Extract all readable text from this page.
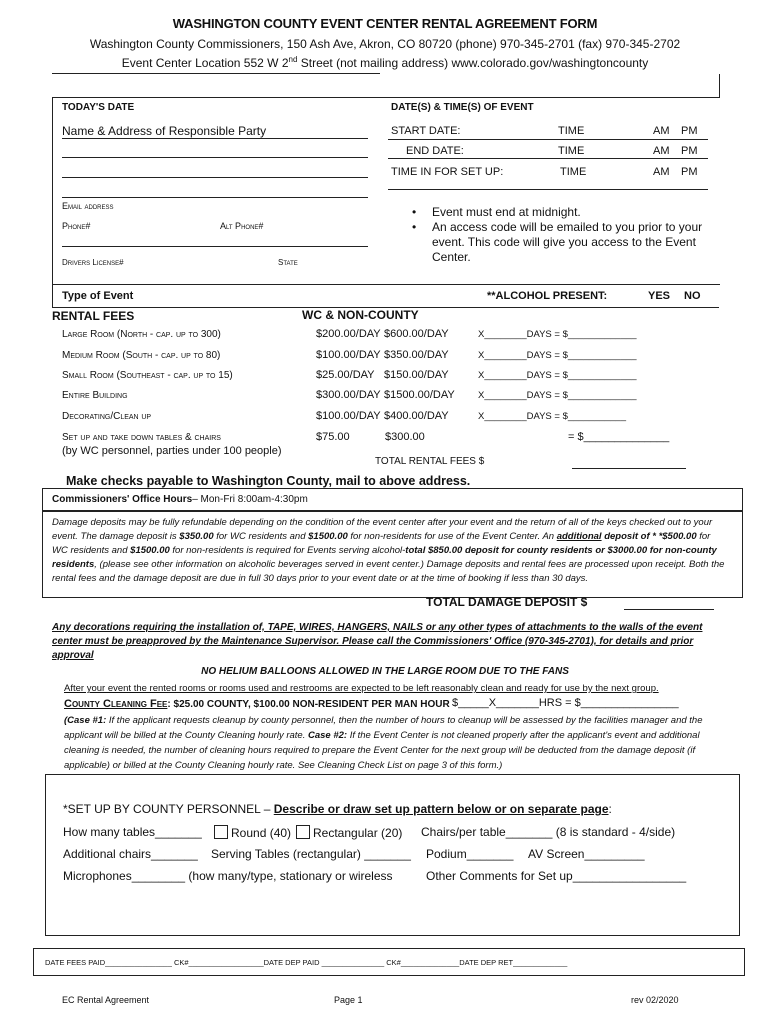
WASHINGTON COUNTY EVENT CENTER RENTAL AGREEMENT FORM
Washington County Commissioners, 150 Ash Ave, Akron, CO 80720 (phone) 970-345-2701 (fax) 970-345-2702
Event Center Location 552 W 2nd Street (not mailing address) www.colorado.gov/washingtoncounty
TODAY'S DATE	DATE(S) & TIME(S) OF EVENT
Name & Address of Responsible Party
Email address
Phone#	Alt Phone#
Drivers License#	State
START DATE:	TIME	AM PM
END DATE:	TIME	AM PM
TIME IN FOR SET UP:	TIME	AM PM
• Event must end at midnight.
• An access code will be emailed to you prior to your event. This code will give you access to the Event Center.
Type of Event	**ALCOHOL PRESENT:	YES NO
RENTAL FEES	WC & NON-COUNTY
Large Room (North - cap. up to 300)	$200.00/DAY $600.00/DAY	X________DAYS = $_____________
Medium Room (South - cap. up to 80)	$100.00/DAY $350.00/DAY	X________DAYS = $_____________
Small Room (Southeast - cap. up to 15)	$25.00/DAY $150.00/DAY	X________DAYS = $_____________
Entire Building	$300.00/DAY $1500.00/DAY X________DAYS = $_____________
Decorating/Clean up	$100.00/DAY $400.00/DAY	X________DAYS = $___________
Set up and take down tables & chairs
(by WC personnel, parties under 100 people)
$75.00	$300.00	= $______________
TOTAL RENTAL FEES $
Make checks payable to Washington County, mail to above address.
Commissioners' Office Hours– Mon-Fri 8:00am-4:30pm
Damage deposits may be fully refundable depending on the condition of the event center after your event and the return of all of the keys checked out to your event. The damage deposit is $350.00 for WC residents and $1500.00 for non-residents for use of the Event Center. An additional deposit of * *$500.00 for WC residents and $1500.00 for non-residents is required for Events serving alcohol-total $850.00 deposit for county residents or $3000.00 for non-county residents, (please see other information on alcoholic beverages served in event center.) Damage deposits and rental fees are processed upon receipt. Both the rental fees and the damage deposit are due in full 30 days prior to your event date or at the time of booking if less than 30 days.
TOTAL DAMAGE DEPOSIT $
Any decorations requiring the installation of, TAPE, WIRES, HANGERS, NAILS or any other types of attachments to the walls of the event center must be preapproved by the Maintenance Supervisor. Please call the Commissioners' Office (970-345-2701), for details and prior approval
NO HELIUM BALLOONS ALLOWED IN THE LARGE ROOM DUE TO THE FANS
After your event the rented rooms or rooms used and restrooms are expected to be left reasonably clean and ready for use by the next group.
County Cleaning Fee: $25.00 COUNTY, $100.00 NON-RESIDENT PER MAN HOUR $_____X_______HRS = $________________
(Case #1: If the applicant requests cleanup by county personnel, then the number of hours to cleanup will be assessed by the facilities manager and the applicant will be billed at the County Cleaning hourly rate. Case #2: If the Event Center is not cleaned properly after the applicant's event and additional cleaning is needed, the number of cleaning hours required to prepare the Event Center for the next group will be deducted from the damage deposit (if applicable) or billed at the County Cleaning hourly rate. See Cleaning Check List on page 3 of this form.)
*SET UP BY COUNTY PERSONNEL – Describe or draw set up pattern below or on separate page:
How many tables_______	Round (40)	Rectangular (20) Chairs/per table_______ (8 is standard - 4/side)
Additional chairs_______ Serving Tables (rectangular) _______ Podium_______ AV Screen_________
Microphones________ (how many/type, stationary or wireless	Other Comments for Set up_________________
DATE FEES PAID________________ CK#__________________DATE DEP PAID _______________ CK#______________DATE DEP RET_____________
EC Rental Agreement	Page 1	rev 02/2020
